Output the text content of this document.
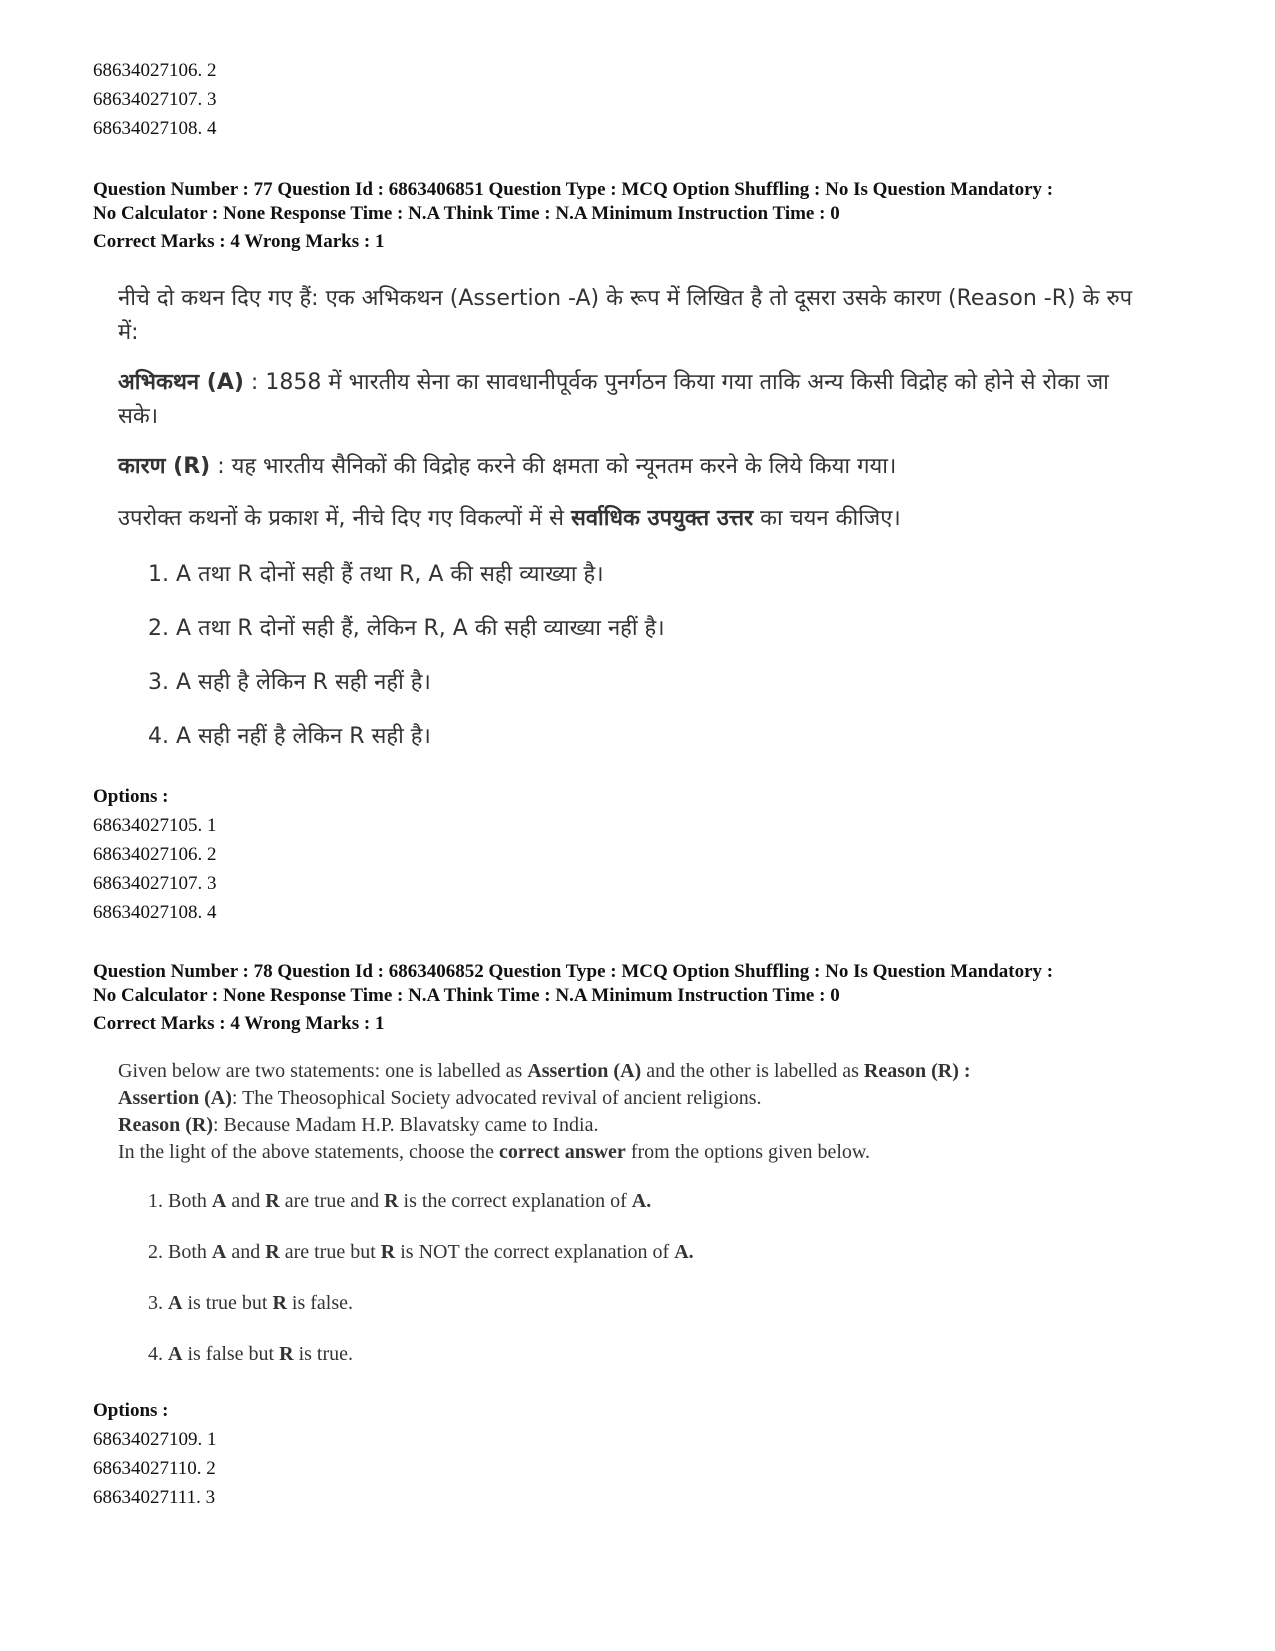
68634027106. 2
68634027107. 3
68634027108. 4
Question Number : 77 Question Id : 6863406851 Question Type : MCQ Option Shuffling : No Is Question Mandatory :
No Calculator : None Response Time : N.A Think Time : N.A Minimum Instruction Time : 0
Correct Marks : 4 Wrong Marks : 1
नीचे दो कथन दिए गए हैं: एक अभिकथन (Assertion -A) के रूप में लिखित है तो दूसरा उसके कारण (Reason -R) के रुप में:
अभिकथन (A) : 1858 में भारतीय सेना का सावधानीपूर्वक पुनर्गठन किया गया ताकि अन्य किसी विद्रोह को होने से रोका जा सके।
कारण (R) : यह भारतीय सैनिकों की विद्रोह करने की क्षमता को न्यूनतम करने के लिये किया गया।
उपरोक्त कथनों के प्रकाश में, नीचे दिए गए विकल्पों में से सर्वाधिक उपयुक्त उत्तर का चयन कीजिए।
1. A तथा R दोनों सही हैं तथा R, A की सही व्याख्या है।
2. A तथा R दोनों सही हैं, लेकिन R, A की सही व्याख्या नहीं है।
3. A सही है लेकिन R सही नहीं है।
4. A सही नहीं है लेकिन R सही है।
Options :
68634027105. 1
68634027106. 2
68634027107. 3
68634027108. 4
Question Number : 78 Question Id : 6863406852 Question Type : MCQ Option Shuffling : No Is Question Mandatory :
No Calculator : None Response Time : N.A Think Time : N.A Minimum Instruction Time : 0
Correct Marks : 4 Wrong Marks : 1
Given below are two statements: one is labelled as Assertion (A) and the other is labelled as Reason (R) :
Assertion (A): The Theosophical Society advocated revival of ancient religions.
Reason (R): Because Madam H.P. Blavatsky came to India.
In the light of the above statements, choose the correct answer from the options given below.
1. Both A and R are true and R is the correct explanation of A.
2. Both A and R are true but R is NOT the correct explanation of A.
3. A is true but R is false.
4. A is false but R is true.
Options :
68634027109. 1
68634027110. 2
68634027111. 3
